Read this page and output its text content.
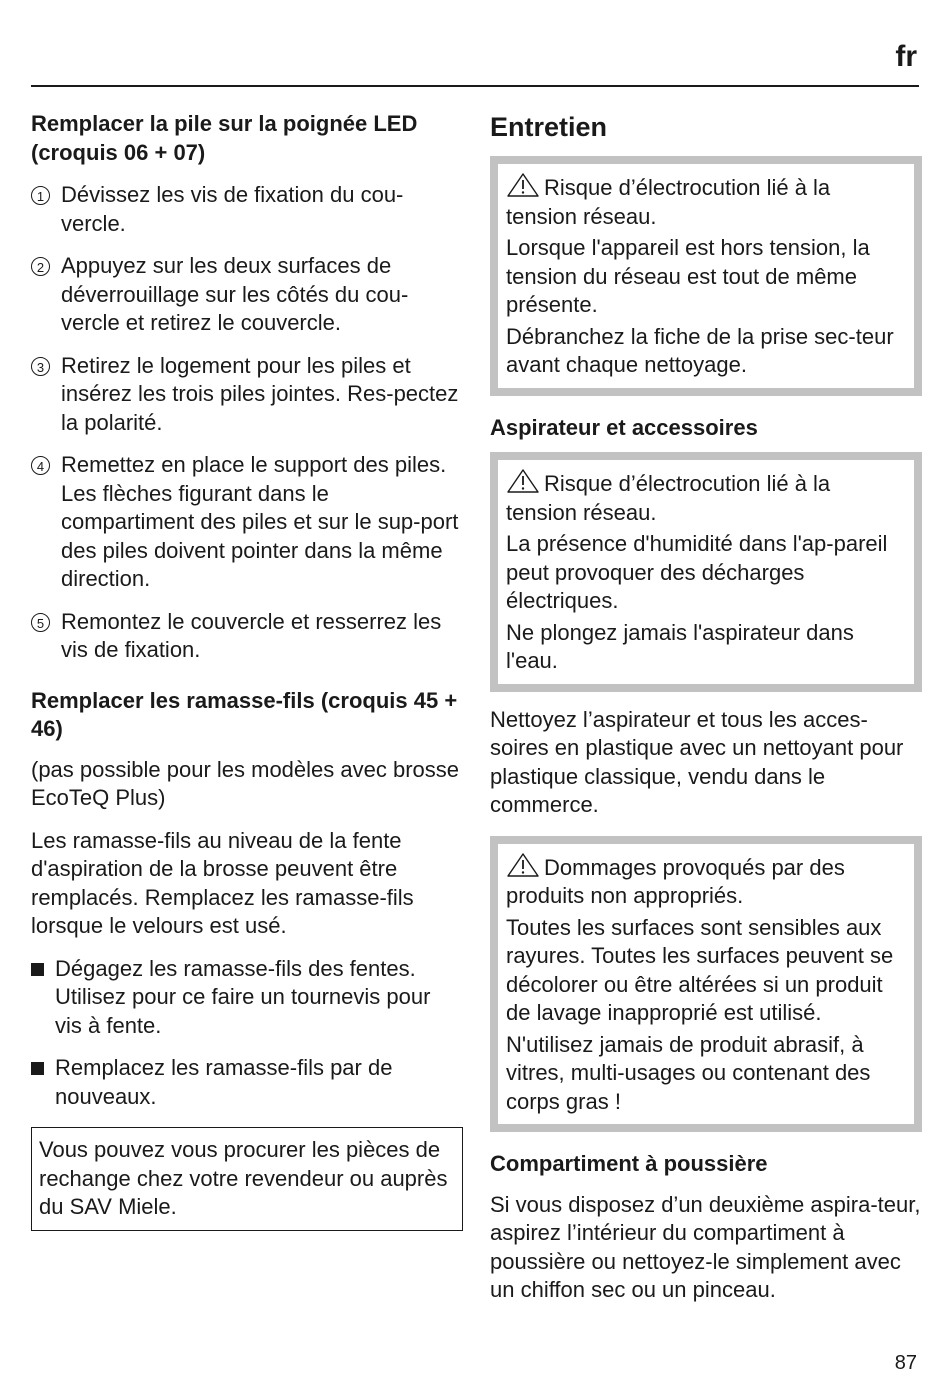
fr

Remplacer la pile sur la poignée LED (croquis 06 + 07)

1 Dévissez les vis de fixation du cou-vercle.

2 Appuyez sur les deux surfaces de déverrouillage sur les côtés du cou-vercle et retirez le couvercle.

3 Retirez le logement pour les piles et insérez les trois piles jointes. Res-pectez la polarité.

4 Remettez en place le support des piles. Les flèches figurant dans le compartiment des piles et sur le sup-port des piles doivent pointer dans la même direction.

5 Remontez le couvercle et resserrez les vis de fixation.

Remplacer les ramasse-fils (croquis 45 + 46)

(pas possible pour les modèles avec brosse EcoTeQ Plus)

Les ramasse-fils au niveau de la fente d'aspiration de la brosse peuvent être remplacés. Remplacez les ramasse-fils lorsque le velours est usé.

Dégagez les ramasse-fils des fentes. Utilisez pour ce faire un tournevis pour vis à fente.

Remplacez les ramasse-fils par de nouveaux.

Vous pouvez vous procurer les pièces de rechange chez votre revendeur ou auprès du SAV Miele.

Entretien

Risque d’électrocution lié à la tension réseau.

Lorsque l'appareil est hors tension, la tension du réseau est tout de même présente.

Débranchez la fiche de la prise sec-teur avant chaque nettoyage.

Aspirateur et accessoires

Risque d’électrocution lié à la tension réseau.

La présence d'humidité dans l'ap-pareil peut provoquer des décharges électriques.

Ne plongez jamais l'aspirateur dans l'eau.

Nettoyez l’aspirateur et tous les acces-soires en plastique avec un nettoyant pour plastique classique, vendu dans le commerce.

Dommages provoqués par des produits non appropriés.

Toutes les surfaces sont sensibles aux rayures. Toutes les surfaces peuvent se décolorer ou être altérées si un produit de lavage inapproprié est utilisé.

N'utilisez jamais de produit abrasif, à vitres, multi-usages ou contenant des corps gras !

Compartiment à poussière

Si vous disposez d’un deuxième aspira-teur, aspirez l’intérieur du compartiment à poussière ou nettoyez-le simplement avec un chiffon sec ou un pinceau.

87
